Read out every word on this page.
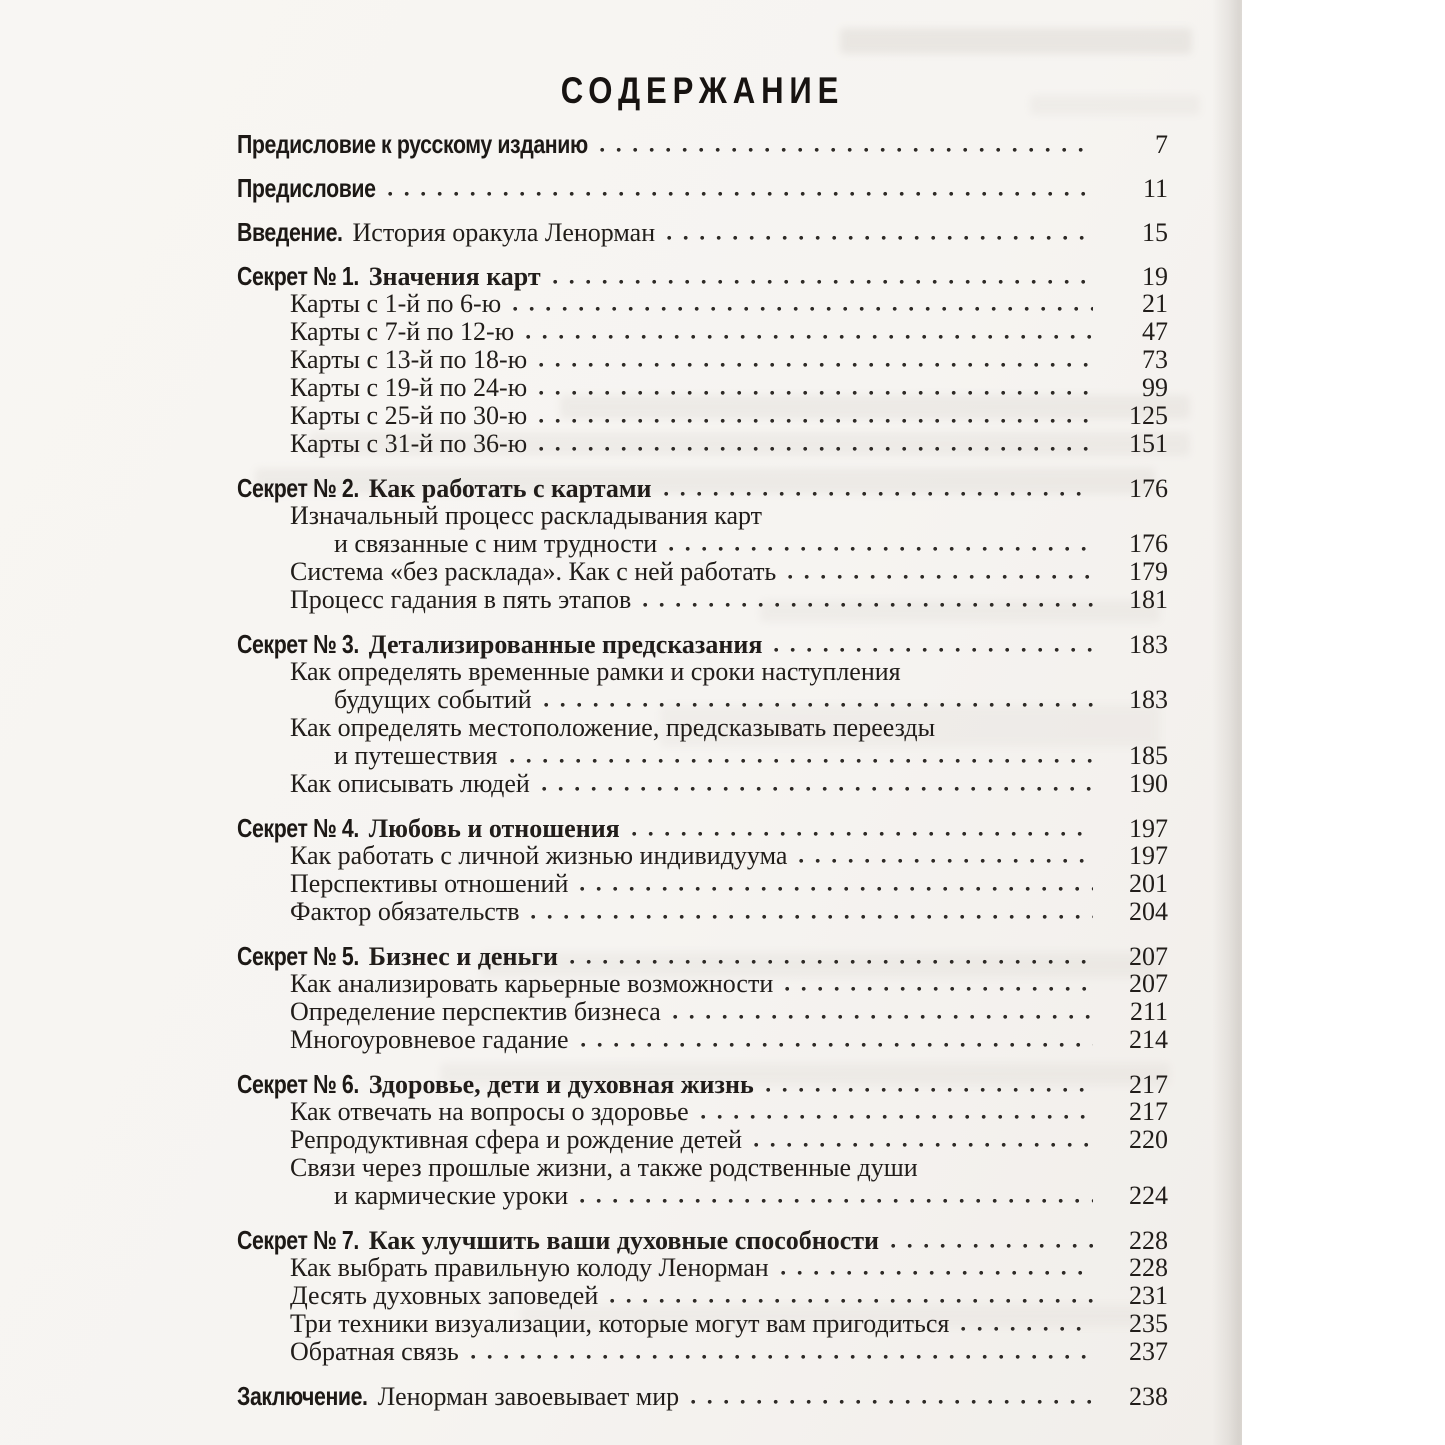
СОДЕРЖАНИЕ
Предисловие к русскому изданию	7
Предисловие	11
Введение. История оракула Ленорман	15
Секрет № 1. Значения карт	19
Карты с 1-й по 6-ю	21
Карты с 7-й по 12-ю	47
Карты с 13-й по 18-ю	73
Карты с 19-й по 24-ю	99
Карты с 25-й по 30-ю	125
Карты с 31-й по 36-ю	151
Секрет № 2. Как работать с картами	176
Изначальный процесс раскладывания карт
и связанные с ним трудности	176
Система «без расклада». Как с ней работать	179
Процесс гадания в пять этапов	181
Секрет № 3. Детализированные предсказания	183
Как определять временные рамки и сроки наступления
будущих событий	183
Как определять местоположение, предсказывать переезды
и путешествия	185
Как описывать людей	190
Секрет № 4. Любовь и отношения	197
Как работать с личной жизнью индивидуума	197
Перспективы отношений	201
Фактор обязательств	204
Секрет № 5. Бизнес и деньги	207
Как анализировать карьерные возможности	207
Определение перспектив бизнеса	211
Многоуровневое гадание	214
Секрет № 6. Здоровье, дети и духовная жизнь	217
Как отвечать на вопросы о здоровье	217
Репродуктивная сфера и рождение детей	220
Связи через прошлые жизни, а также родственные души
и кармические уроки	224
Секрет № 7. Как улучшить ваши духовные способности	228
Как выбрать правильную колоду Ленорман	228
Десять духовных заповедей	231
Три техники визуализации, которые могут вам пригодиться	235
Обратная связь	237
Заключение. Ленорман завоевывает мир	238
